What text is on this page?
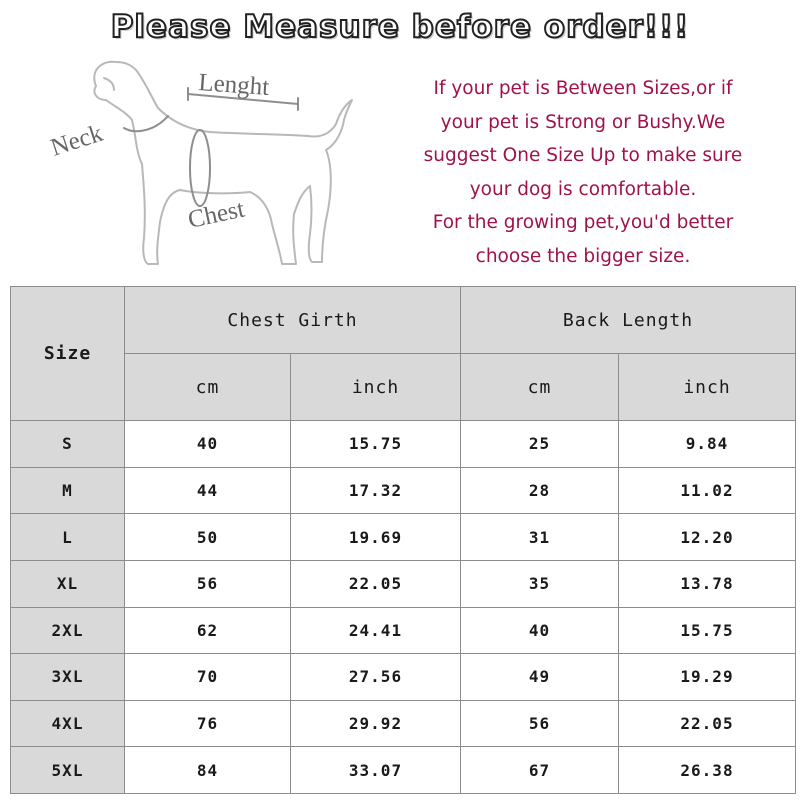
Please Measure before order!!!
Neck
Lenght
Chest
If your pet is Between Sizes,or if
your pet is Strong or Bushy.We
suggest One Size Up to make sure
your dog is comfortable.
For the growing pet,you'd better
choose the bigger size.
Size	Chest Girth		Back Length	
	cm	inch	cm	inch
S	40	15.75	25	9.84
M	44	17.32	28	11.02
L	50	19.69	31	12.20
XL	56	22.05	35	13.78
2XL	62	24.41	40	15.75
3XL	70	27.56	49	19.29
4XL	76	29.92	56	22.05
5XL	84	33.07	67	26.38
